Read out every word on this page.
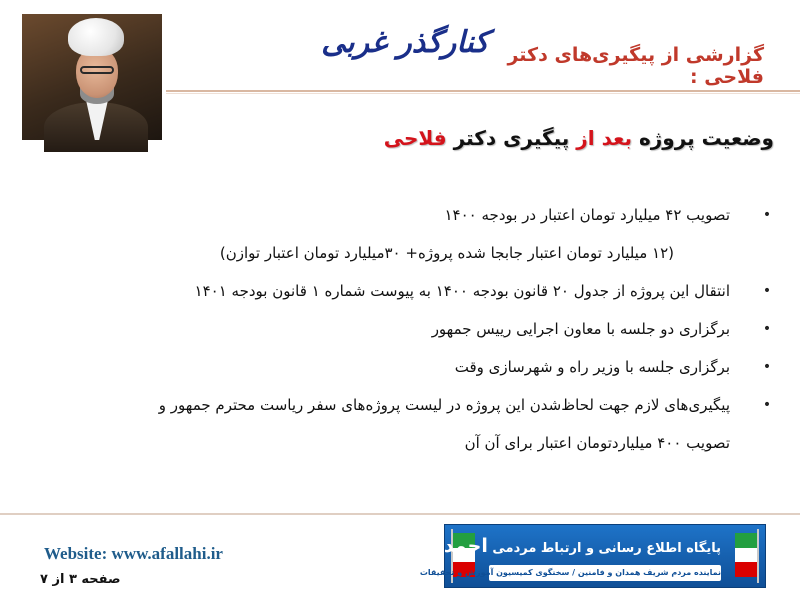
کنارگذر غربی گزارشی از پیگیری‌های دکتر فلاحی :
وضعیت پروژه بعد از پیگیری دکتر فلاحی
•
تصویب ۴۲ میلیارد تومان اعتبار در بودجه ۱۴۰۰
(۱۲ میلیارد تومان اعتبار جابجا شده پروژه+ ۳۰میلیارد تومان اعتبار توازن)
•
انتقال این پروژه از جدول ۲۰ قانون بودجه ۱۴۰۰ به پیوست شماره ۱ قانون بودجه ۱۴۰۱
•
برگزاری دو جلسه با معاون اجرایی رییس جمهور
•
برگزاری جلسه با وزیر راه و شهرسازی وقت
•
پیگیری‌های لازم جهت لحاظ‌شدن این پروژه در لیست پروژه‌های سفر ریاست محترم جمهور و
تصویب ۴۰۰ میلیاردتومان اعتبار برای آن آن
Website: www.afallahi.ir
صفحه ۳ از ۷
پایگاه اطلاع رسانی و ارتباط مردمی احمدحسین فلاحی
نماینده مردم شریف همدان و فامنین / سخنگوی کمیسیون آموزش و تحقیقات
